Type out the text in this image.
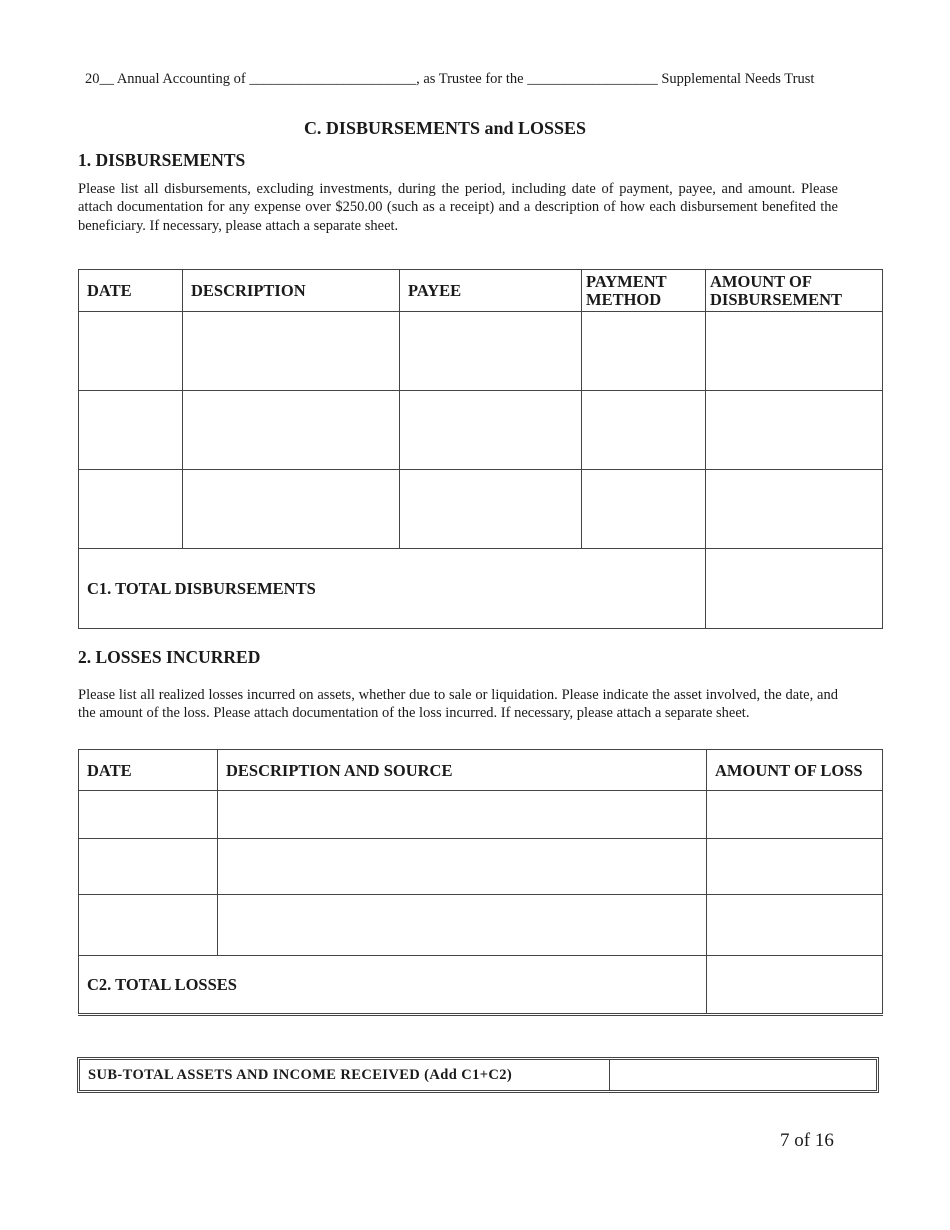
20__ Annual Accounting of _______________________, as Trustee for the __________________ Supplemental Needs Trust
C. DISBURSEMENTS and LOSSES
1. DISBURSEMENTS
Please list all disbursements, excluding investments, during the period, including date of payment, payee, and amount. Please attach documentation for any expense over $250.00 (such as a receipt) and a description of how each disbursement benefited the beneficiary. If necessary, please attach a separate sheet.
DATE	DESCRIPTION	PAYEE	PAYMENT METHOD	AMOUNT OF DISBURSEMENT

C1. TOTAL DISBURSEMENTS				
2. LOSSES INCURRED
Please list all realized losses incurred on assets, whether due to sale or liquidation. Please indicate the asset involved, the date, and the amount of the loss. Please attach documentation of the loss incurred. If necessary, please attach a separate sheet.
DATE	DESCRIPTION AND SOURCE	AMOUNT OF LOSS

C2. TOTAL LOSSES		
SUB-TOTAL ASSETS AND INCOME RECEIVED (Add C1+C2)
7 of 16
